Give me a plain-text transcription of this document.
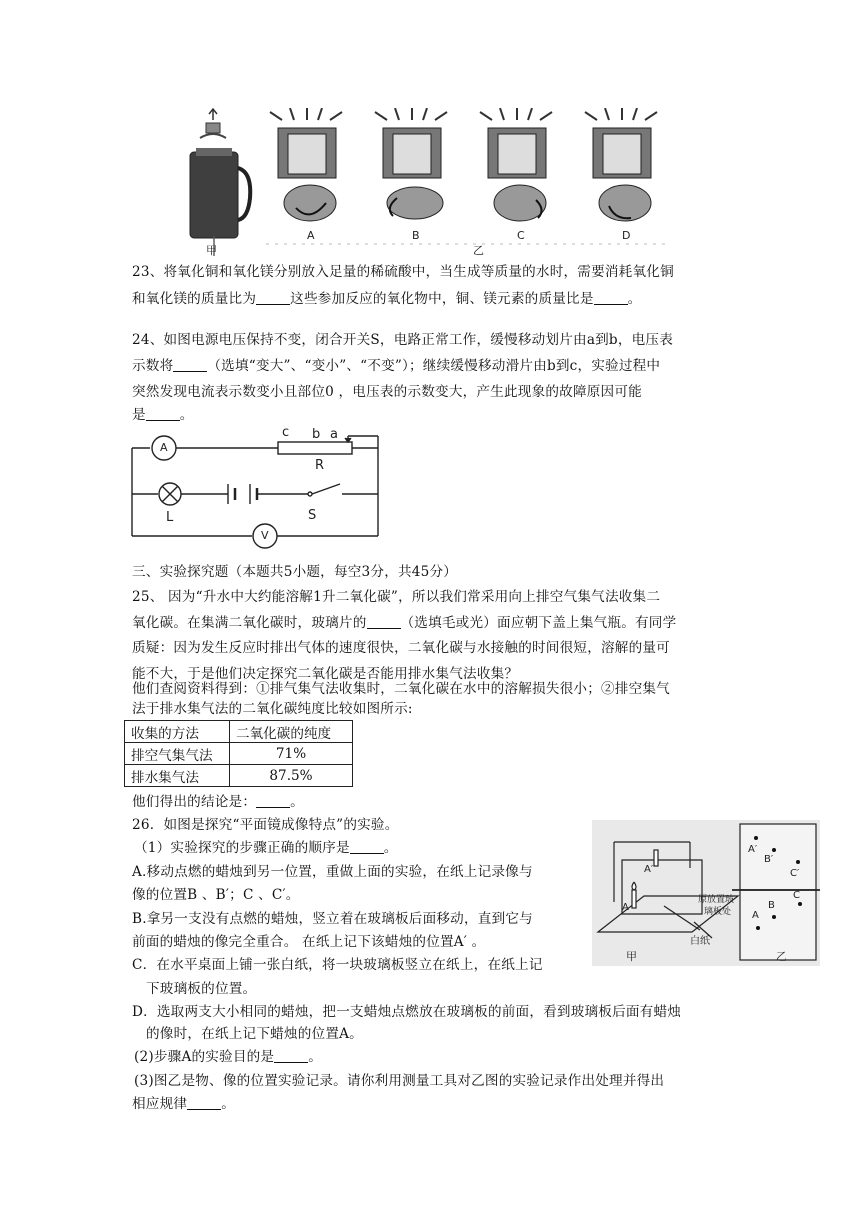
甲
A	B
乙
C	D
23、将氧化铜和氧化镁分别放入足量的稀硫酸中，当生成等质量的水时，需要消耗氧化铜
和氧化镁的质量比为	这些参加反应的氧化物中，铜、镁元素的质量比是	。
24、如图电源电压保持不变，闭合开关S，电路正常工作，缓慢移动划片由a到b，电压表
示数将	（选填“变大”、“变小”、“不变”）；继续缓慢移动滑片由b到c，实验过程中
突然发现电流表示数变小且部位0 ，电压表的示数变大，产生此现象的故障原因可能
是	。
A
V
L	S
R
c b a
三、实验探究题（本题共5小题，每空3分，共45分）
25、 因为“升水中大约能溶解1升二氧化碳”，所以我们常采用向上排空气集气法收集二
氧化碳。在集满二氧化碳时，玻璃片的	（选填毛或光）面应朝下盖上集气瓶。有同学
质疑：因为发生反应时排出气体的速度很快，二氧化碳与水接触的时间很短，溶解的量可
能不大，于是他们决定探究二氧化碳是否能用排水集气法收集？
他们查阅资料得到：①排气集气法收集时，二氧化碳在水中的溶解损失很小；②排空集气
法于排水集气法的二氧化碳纯度比较如图所示:
收集的方法	二氧化碳的纯度
排空气集气法	71%
排水集气法	87.5%
他们得出的结论是：	。
26．如图是探究“平面镜成像特点”的实验。
（1）实验探究的步骤正确的顺序是	。
A.移动点燃的蜡烛到另一位置，重做上面的实验，在纸上记录像与
像的位置B 、B′；C 、C′。
B.拿另一支没有点燃的蜡烛，竖立着在玻璃板后面移动，直到它与
前面的蜡烛的像完全重合。 在纸上记下该蜡烛的位置A′ 。
C．在水平桌面上铺一张白纸，将一块玻璃板竖立在纸上，在纸上记
下玻璃板的位置。
D．选取两支大小相同的蜡烛，把一支蜡烛点燃放在玻璃板的前面，看到玻璃板后面有蜡烛
的像时，在纸上记下蜡烛的位置A。
(2)步骤A的实验目的是	。
(3)图乙是物、像的位置实验记录。请你利用测量工具对乙图的实验记录作出处理并得出
相应规律	。
A′
B′
C′
A
B
C
A′
A
原放置玻
璃板处
白纸
甲	乙
